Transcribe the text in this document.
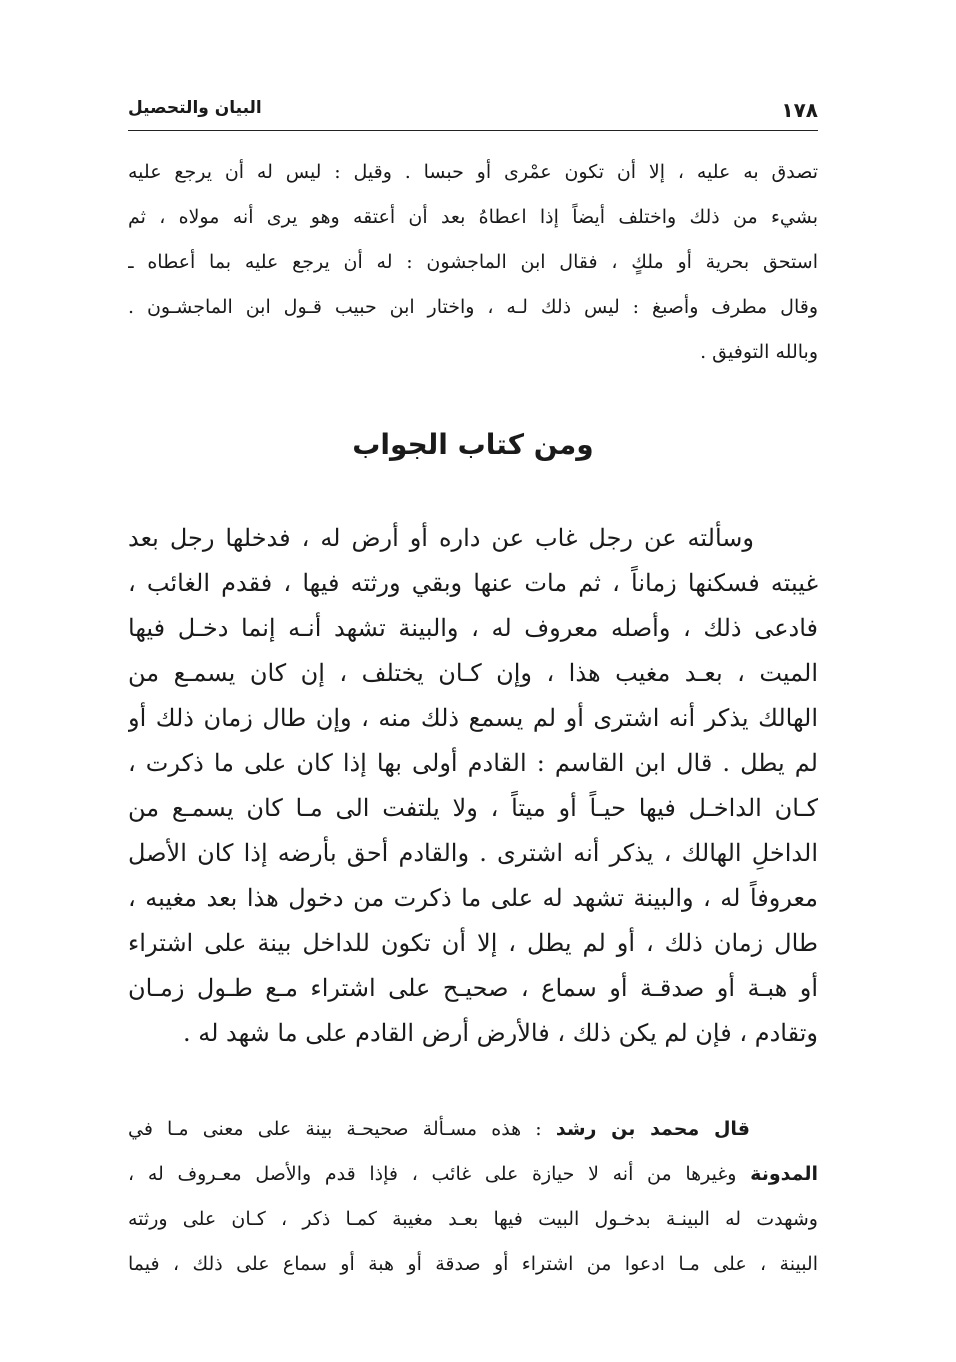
١٧٨
البيان والتحصيل
تصدق به عليه ، إلا أن تكون عمْرى أو حبسا . وقيل : ليس له أن يرجع عليه
بشيء من ذلك واختلف أيضاً إذا اعطاهُ بعد أن أعتقه وهو يرى أنه مولاه ، ثم
استحق بحرية أو ملكٍ ، فقال ابن الماجشون : له أن يرجع عليه بما أعطاه ـ
وقال مطرف وأصبغ : ليس ذلك لـه ، واختار ابن حبيب قـول ابن الماجشـون .
وبالله التوفيق .
ومن كتاب الجواب
وسألته عن رجل غاب عن داره أو أرض له ، فدخلها رجل بعد
غيبته فسكنها زماناً ، ثم مات عنها وبقي ورثته فيها ، فقدم الغائب ،
فادعى ذلك ، وأصله معروف له ، والبينة تشهد أنـه إنما دخـل فيها
الميت ، بعـد مغيب هذا ، وإن كـان يختلف ، إن كان يسمـع من
الهالك يذكر أنه اشترى أو لم يسمع ذلك منه ، وإن طال زمان ذلك أو
لم يطل . قال ابن القاسم : القادم أولى بها إذا كان على ما ذكرت ،
كـان الداخـل فيها حيـاً أو ميتاً ، ولا يلتفت الى مـا كان يسمـع من
الداخلِ الهالك ، يذكر أنه اشترى . والقادم أحق بأرضه إذا كان الأصل
معروفاً له ، والبينة تشهد له على ما ذكرت من دخول هذا بعد مغيبه ،
طال زمان ذلك ، أو لم يطل ، إلا أن تكون للداخل بينة على اشتراء
أو هبـة أو صدقـة أو سماع ، صحيـح على اشتراء مـع طـول زمـان
وتقادم ، فإن لم يكن ذلك ، فالأرض أرض القادم على ما شهد له .
قال محمد بن رشد : هذه مسـألة صحيحـة بينة على معنى مـا في
المدونة وغيرها من أنه لا حيازة على غائب ، فإذا قدم والأصل معـروف له ،
وشهدت له البينـة بدخـول البيت فيها بعـد مغيبة كمـا ذكر ، كـان على ورثته
البينة ، على مـا ادعوا من اشتراء أو صدقة أو هبة أو سماع على ذلك ، فيما
